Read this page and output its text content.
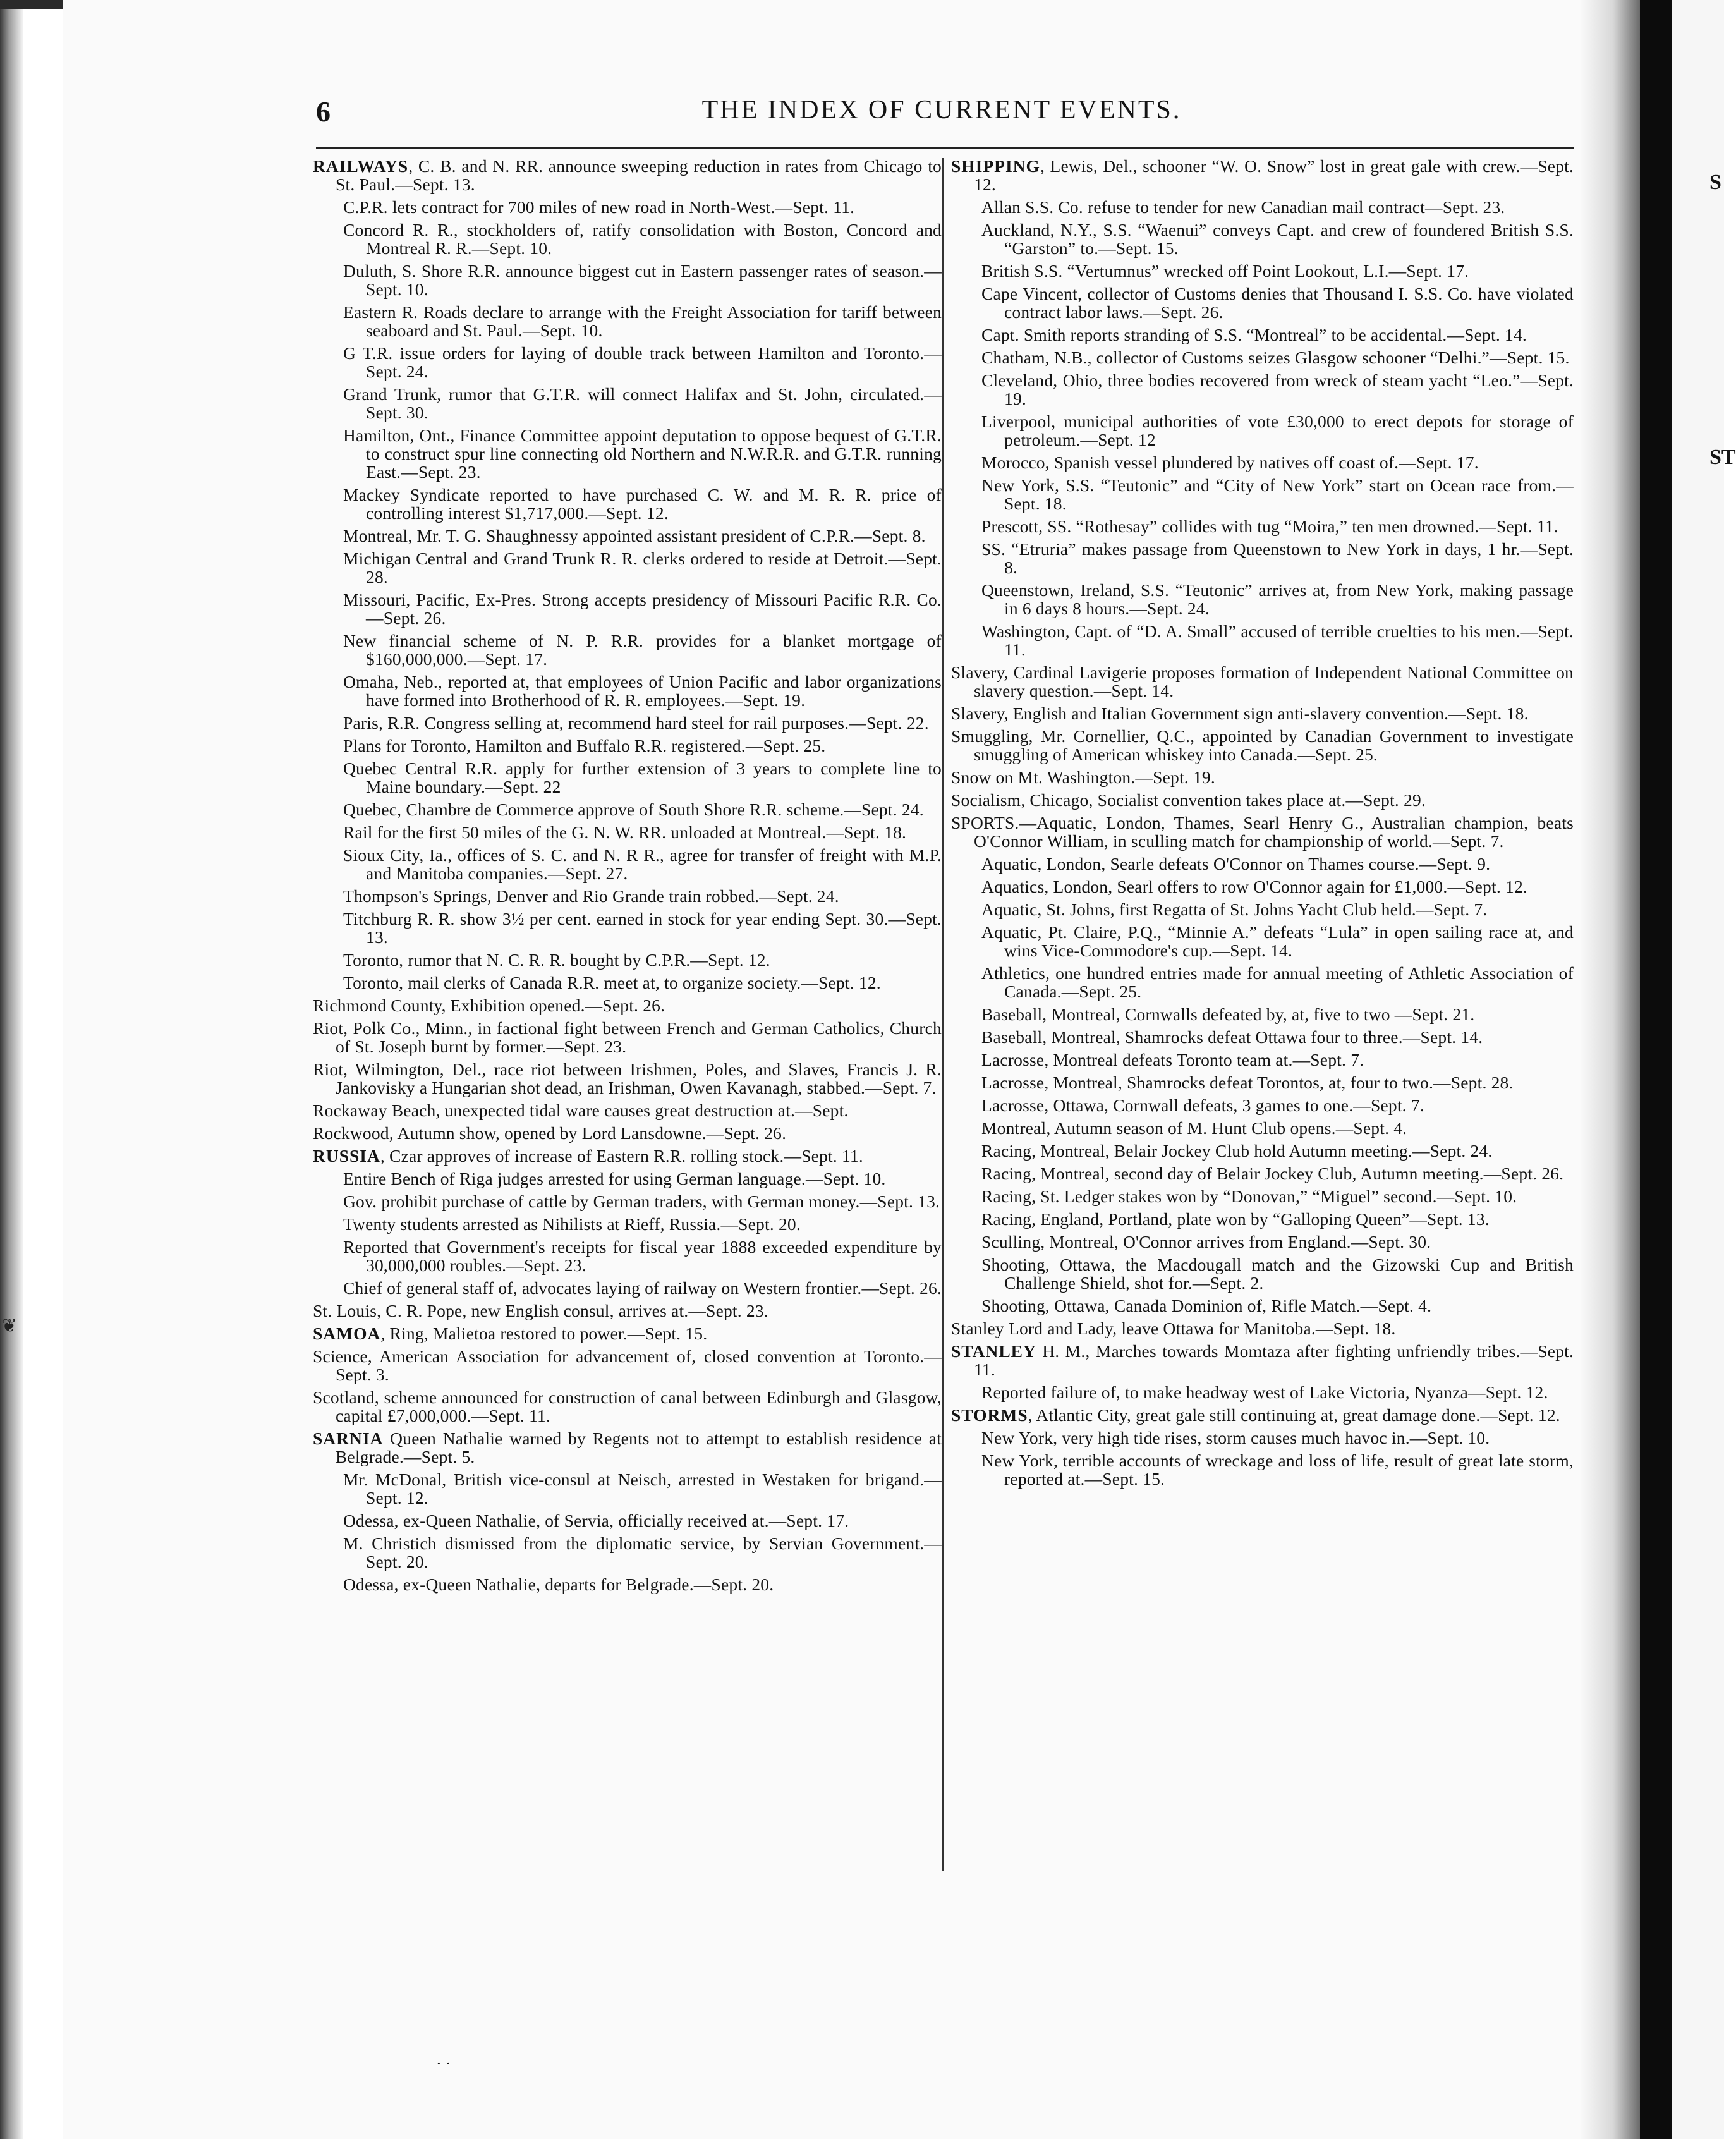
❦
S
ST
6	THE INDEX OF CURRENT EVENTS.

RAILWAYS, C. B. and N. RR. announce sweeping reduction in rates from Chicago to St. Paul.—Sept. 13.

C.P.R. lets contract for 700 miles of new road in North-West.—Sept. 11.

Concord R. R., stockholders of, ratify consolidation with Boston, Concord and Montreal R. R.—Sept. 10.

Duluth, S. Shore R.R. announce biggest cut in Eastern passenger rates of season.—Sept. 10.

Eastern R. Roads declare to arrange with the Freight Association for tariff between seaboard and St. Paul.—Sept. 10.

G T.R. issue orders for laying of double track between Hamilton and Toronto.—Sept. 24.

Grand Trunk, rumor that G.T.R. will connect Halifax and St. John, circulated.—Sept. 30.

Hamilton, Ont., Finance Committee appoint deputation to oppose bequest of G.T.R. to construct spur line connecting old Northern and N.W.R.R. and G.T.R. running East.—Sept. 23.

Mackey Syndicate reported to have purchased C. W. and M. R. R. price of controlling interest $1,717,000.—Sept. 12.

Montreal, Mr. T. G. Shaughnessy appointed assistant president of C.P.R.—Sept. 8.

Michigan Central and Grand Trunk R. R. clerks ordered to reside at Detroit.—Sept. 28.

Missouri, Pacific, Ex-Pres. Strong accepts presidency of Missouri Pacific R.R. Co.—Sept. 26.

New financial scheme of N. P. R.R. provides for a blanket mortgage of $160,000,000.—Sept. 17.

Omaha, Neb., reported at, that employees of Union Pacific and labor organizations have formed into Brotherhood of R. R. employees.—Sept. 19.

Paris, R.R. Congress selling at, recommend hard steel for rail purposes.—Sept. 22.

Plans for Toronto, Hamilton and Buffalo R.R. registered.—Sept. 25.

Quebec Central R.R. apply for further extension of 3 years to complete line to Maine boundary.—Sept. 22

Quebec, Chambre de Commerce approve of South Shore R.R. scheme.—Sept. 24.

Rail for the first 50 miles of the G. N. W. RR. unloaded at Montreal.—Sept. 18.

Sioux City, Ia., offices of S. C. and N. R R., agree for transfer of freight with M.P. and Manitoba companies.—Sept. 27.

Thompson's Springs, Denver and Rio Grande train robbed.—Sept. 24.

Titchburg R. R. show 3½ per cent. earned in stock for year ending Sept. 30.—Sept. 13.

Toronto, rumor that N. C. R. R. bought by C.P.R.—Sept. 12.

Toronto, mail clerks of Canada R.R. meet at, to organize society.—Sept. 12.

Richmond County, Exhibition opened.—Sept. 26.

Riot, Polk Co., Minn., in factional fight between French and German Catholics, Church of St. Joseph burnt by former.—Sept. 23.

Riot, Wilmington, Del., race riot between Irishmen, Poles, and Slaves, Francis J. R. Jankovisky a Hungarian shot dead, an Irishman, Owen Kavanagh, stabbed.—Sept. 7.

Rockaway Beach, unexpected tidal ware causes great destruction at.—Sept.

Rockwood, Autumn show, opened by Lord Lansdowne.—Sept. 26.

RUSSIA, Czar approves of increase of Eastern R.R. rolling stock.—Sept. 11.

Entire Bench of Riga judges arrested for using German language.—Sept. 10.

Gov. prohibit purchase of cattle by German traders, with German money.—Sept. 13.

Twenty students arrested as Nihilists at Rieff, Russia.—Sept. 20.

Reported that Government's receipts for fiscal year 1888 exceeded expenditure by 30,000,000 roubles.—Sept. 23.

Chief of general staff of, advocates laying of railway on Western frontier.—Sept. 26.

St. Louis, C. R. Pope, new English consul, arrives at.—Sept. 23.

SAMOA, Ring, Malietoa restored to power.—Sept. 15.

Science, American Association for advancement of, closed convention at Toronto.—Sept. 3.

Scotland, scheme announced for construction of canal between Edinburgh and Glasgow, capital £7,000,000.—Sept. 11.

SARNIA Queen Nathalie warned by Regents not to attempt to establish residence at Belgrade.—Sept. 5.

Mr. McDonal, British vice-consul at Neisch, arrested in Westaken for brigand.—Sept. 12.

Odessa, ex-Queen Nathalie, of Servia, officially received at.—Sept. 17.

M. Christich dismissed from the diplomatic service, by Servian Government.—Sept. 20.

Odessa, ex-Queen Nathalie, departs for Belgrade.—Sept. 20.

SHIPPING, Lewis, Del., schooner “W. O. Snow” lost in great gale with crew.—Sept. 12.

Allan S.S. Co. refuse to tender for new Canadian mail contract—Sept. 23.

Auckland, N.Y., S.S. “Waenui” conveys Capt. and crew of foundered British S.S. “Garston” to.—Sept. 15.

British S.S. “Vertumnus” wrecked off Point Lookout, L.I.—Sept. 17.

Cape Vincent, collector of Customs denies that Thousand I. S.S. Co. have violated contract labor laws.—Sept. 26.

Capt. Smith reports stranding of S.S. “Montreal” to be accidental.—Sept. 14.

Chatham, N.B., collector of Customs seizes Glasgow schooner “Delhi.”—Sept. 15.

Cleveland, Ohio, three bodies recovered from wreck of steam yacht “Leo.”—Sept. 19.

Liverpool, municipal authorities of vote £30,000 to erect depots for storage of petroleum.—Sept. 12

Morocco, Spanish vessel plundered by natives off coast of.—Sept. 17.

New York, S.S. “Teutonic” and “City of New York” start on Ocean race from.—Sept. 18.

Prescott, SS. “Rothesay” collides with tug “Moira,” ten men drowned.—Sept. 11.

SS. “Etruria” makes passage from Queenstown to New York in days, 1 hr.—Sept. 8.

Queenstown, Ireland, S.S. “Teutonic” arrives at, from New York, making passage in 6 days 8 hours.—Sept. 24.

Washington, Capt. of “D. A. Small” accused of terrible cruelties to his men.—Sept. 11.

Slavery, Cardinal Lavigerie proposes formation of Independent National Committee on slavery question.—Sept. 14.

Slavery, English and Italian Government sign anti-slavery convention.—Sept. 18.

Smuggling, Mr. Cornellier, Q.C., appointed by Canadian Government to investigate smuggling of American whiskey into Canada.—Sept. 25.

Snow on Mt. Washington.—Sept. 19.

Socialism, Chicago, Socialist convention takes place at.—Sept. 29.

SPORTS.—Aquatic, London, Thames, Searl Henry G., Australian champion, beats O'Connor William, in sculling match for championship of world.—Sept. 7.

Aquatic, London, Searle defeats O'Connor on Thames course.—Sept. 9.

Aquatics, London, Searl offers to row O'Connor again for £1,000.—Sept. 12.

Aquatic, St. Johns, first Regatta of St. Johns Yacht Club held.—Sept. 7.

Aquatic, Pt. Claire, P.Q., “Minnie A.” defeats “Lula” in open sailing race at, and wins Vice-Commodore's cup.—Sept. 14.

Athletics, one hundred entries made for annual meeting of Athletic Association of Canada.—Sept. 25.

Baseball, Montreal, Cornwalls defeated by, at, five to two —Sept. 21.

Baseball, Montreal, Shamrocks defeat Ottawa four to three.—Sept. 14.

Lacrosse, Montreal defeats Toronto team at.—Sept. 7.

Lacrosse, Montreal, Shamrocks defeat Torontos, at, four to two.—Sept. 28.

Lacrosse, Ottawa, Cornwall defeats, 3 games to one.—Sept. 7.

Montreal, Autumn season of M. Hunt Club opens.—Sept. 4.

Racing, Montreal, Belair Jockey Club hold Autumn meeting.—Sept. 24.

Racing, Montreal, second day of Belair Jockey Club, Autumn meeting.—Sept. 26.

Racing, St. Ledger stakes won by “Donovan,” “Miguel” second.—Sept. 10.

Racing, England, Portland, plate won by “Galloping Queen”—Sept. 13.

Sculling, Montreal, O'Connor arrives from England.—Sept. 30.

Shooting, Ottawa, the Macdougall match and the Gizowski Cup and British Challenge Shield, shot for.—Sept. 2.

Shooting, Ottawa, Canada Dominion of, Rifle Match.—Sept. 4.

Stanley Lord and Lady, leave Ottawa for Manitoba.—Sept. 18.

STANLEY H. M., Marches towards Momtaza after fighting unfriendly tribes.—Sept. 11.

Reported failure of, to make headway west of Lake Victoria, Nyanza—Sept. 12.

STORMS, Atlantic City, great gale still continuing at, great damage done.—Sept. 12.

New York, very high tide rises, storm causes much havoc in.—Sept. 10.

New York, terrible accounts of wreckage and loss of life, result of great late storm, reported at.—Sept. 15.

· ·
